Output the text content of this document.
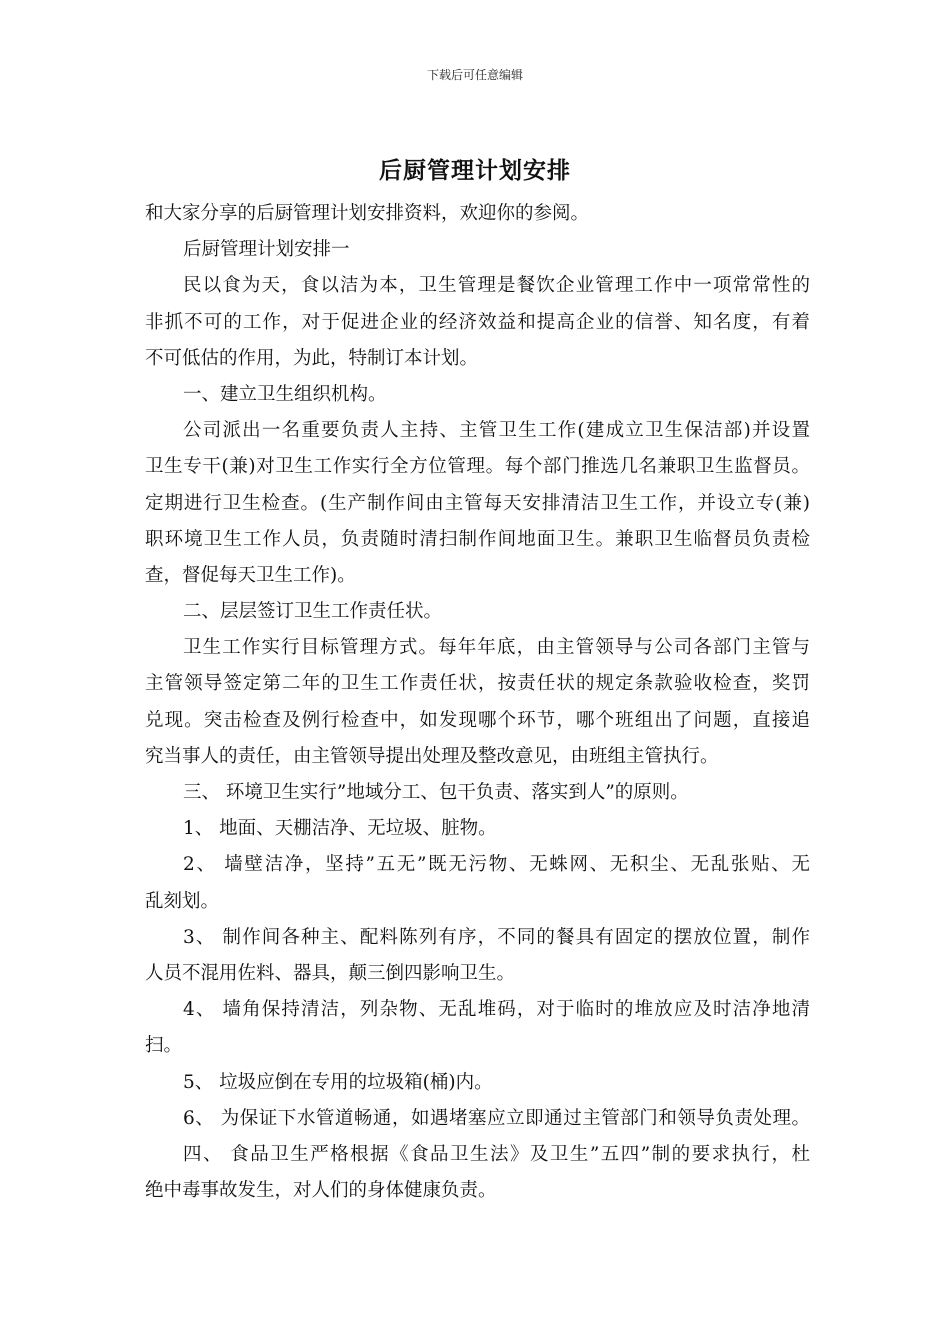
下载后可任意编辑
后厨管理计划安排
和大家分享的后厨管理计划安排资料，欢迎你的参阅。
后厨管理计划安排一
民以食为天，食以洁为本，卫生管理是餐饮企业管理工作中一项常常性的
非抓不可的工作，对于促进企业的经济效益和提高企业的信誉、知名度，有着
不可低估的作用，为此，特制订本计划。
一、建立卫生组织机构。
公司派出一名重要负责人主持、主管卫生工作(建成立卫生保洁部)并设置
卫生专干(兼)对卫生工作实行全方位管理。每个部门推选几名兼职卫生监督员。
定期进行卫生检查。(生产制作间由主管每天安排清洁卫生工作，并设立专(兼)
职环境卫生工作人员，负责随时清扫制作间地面卫生。兼职卫生临督员负责检
查，督促每天卫生工作)。
二、层层签订卫生工作责任状。
卫生工作实行目标管理方式。每年年底，由主管领导与公司各部门主管与
主管领导签定第二年的卫生工作责任状，按责任状的规定条款验收检查，奖罚
兑现。突击检查及例行检查中，如发现哪个环节，哪个班组出了问题，直接追
究当事人的责任，由主管领导提出处理及整改意见，由班组主管执行。
三、 环境卫生实行”地域分工、包干负责、落实到人”的原则。
1、 地面、天棚洁净、无垃圾、脏物。
2、 墙壁洁净，坚持”五无”既无污物、无蛛网、无积尘、无乱张贴、无
乱刻划。
3、 制作间各种主、配料陈列有序，不同的餐具有固定的摆放位置，制作
人员不混用佐料、器具，颠三倒四影响卫生。
4、 墙角保持清洁，列杂物、无乱堆码，对于临时的堆放应及时洁净地清
扫。
5、 垃圾应倒在专用的垃圾箱(桶)内。
6、 为保证下水管道畅通，如遇堵塞应立即通过主管部门和领导负责处理。
四、 食品卫生严格根据《食品卫生法》及卫生”五四”制的要求执行，杜
绝中毒事故发生，对人们的身体健康负责。
